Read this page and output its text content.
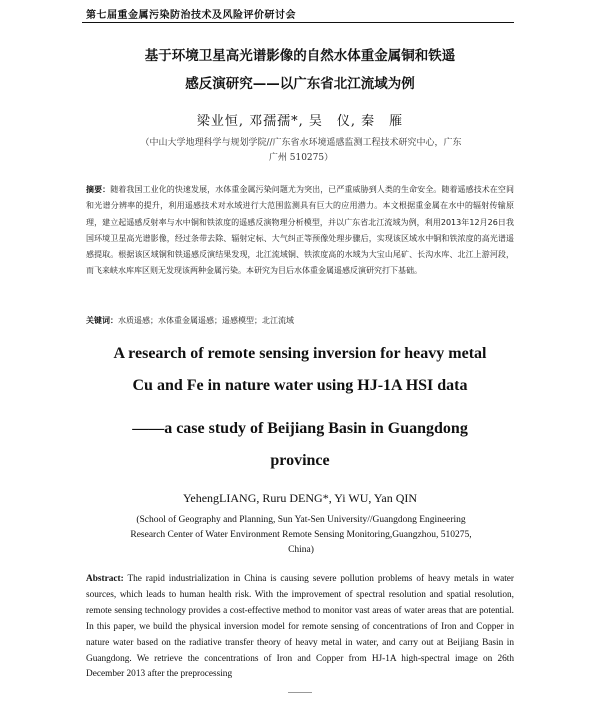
第七届重金属污染防治技术及风险评价研讨会
基于环境卫星高光谱影像的自然水体重金属铜和铁遥
感反演研究——以广东省北江流域为例
梁业恒, 邓孺孺*, 吴　仪, 秦　雁
（中山大学地理科学与规划学院//广东省水环境遥感监测工程技术研究中心，广东
广州 510275）
摘要：随着我国工业化的快速发展，水体重金属污染问题尤为突出，已严重威胁到人类的生命安全。随着遥感技术在空间和光谱分辨率的提升，利用遥感技术对水域进行大范围监测具有巨大的应用潜力。本文根据重金属在水中的辐射传输原理，建立起遥感反射率与水中铜和铁浓度的遥感反演物理分析模型，并以广东省北江流域为例，利用2013年12月26日我国环境卫星高光谱影像，经过条带去除、辐射定标、大气纠正等预像处理步骤后，实现该区域水中铜和铁浓度的高光谱遥感提取。根据该区域铜和铁遥感反演结果发现，北江流域铜、铁浓度高的水域为大宝山尾矿、长沟水库、北江上游河段，而飞来峡水库库区则无发现该两种金属污染。本研究为目后水体重金属遥感反演研究打下基础。
关键词：水质遥感；水体重金属遥感；遥感模型；北江流域
A research of remote sensing inversion for heavy metal
Cu and Fe in nature water using HJ-1A HSI data
——a case study of Beijiang Basin in Guangdong
province
YehengLIANG, Ruru DENG*, Yi WU, Yan QIN
(School of Geography and Planning, Sun Yat-Sen University//Guangdong Engineering
Research Center of Water Environment Remote Sensing Monitoring,Guangzhou, 510275,
China)
Abstract: The rapid industrialization in China is causing severe pollution problems of heavy metals in water sources, which leads to human health risk. With the improvement of spectral resolution and spatial resolution, remote sensing technology provides a cost-effective method to monitor vast areas of water areas that are potential. In this paper, we build the physical inversion model for remote sensing of concentrations of Iron and Copper in nature water based on the radiative transfer theory of heavy metal in water, and carry out at Beijiang Basin in Guangdong. We retrieve the concentrations of Iron and Copper from HJ-1A high-spectral image on 26th December 2013 after the preprocessing
